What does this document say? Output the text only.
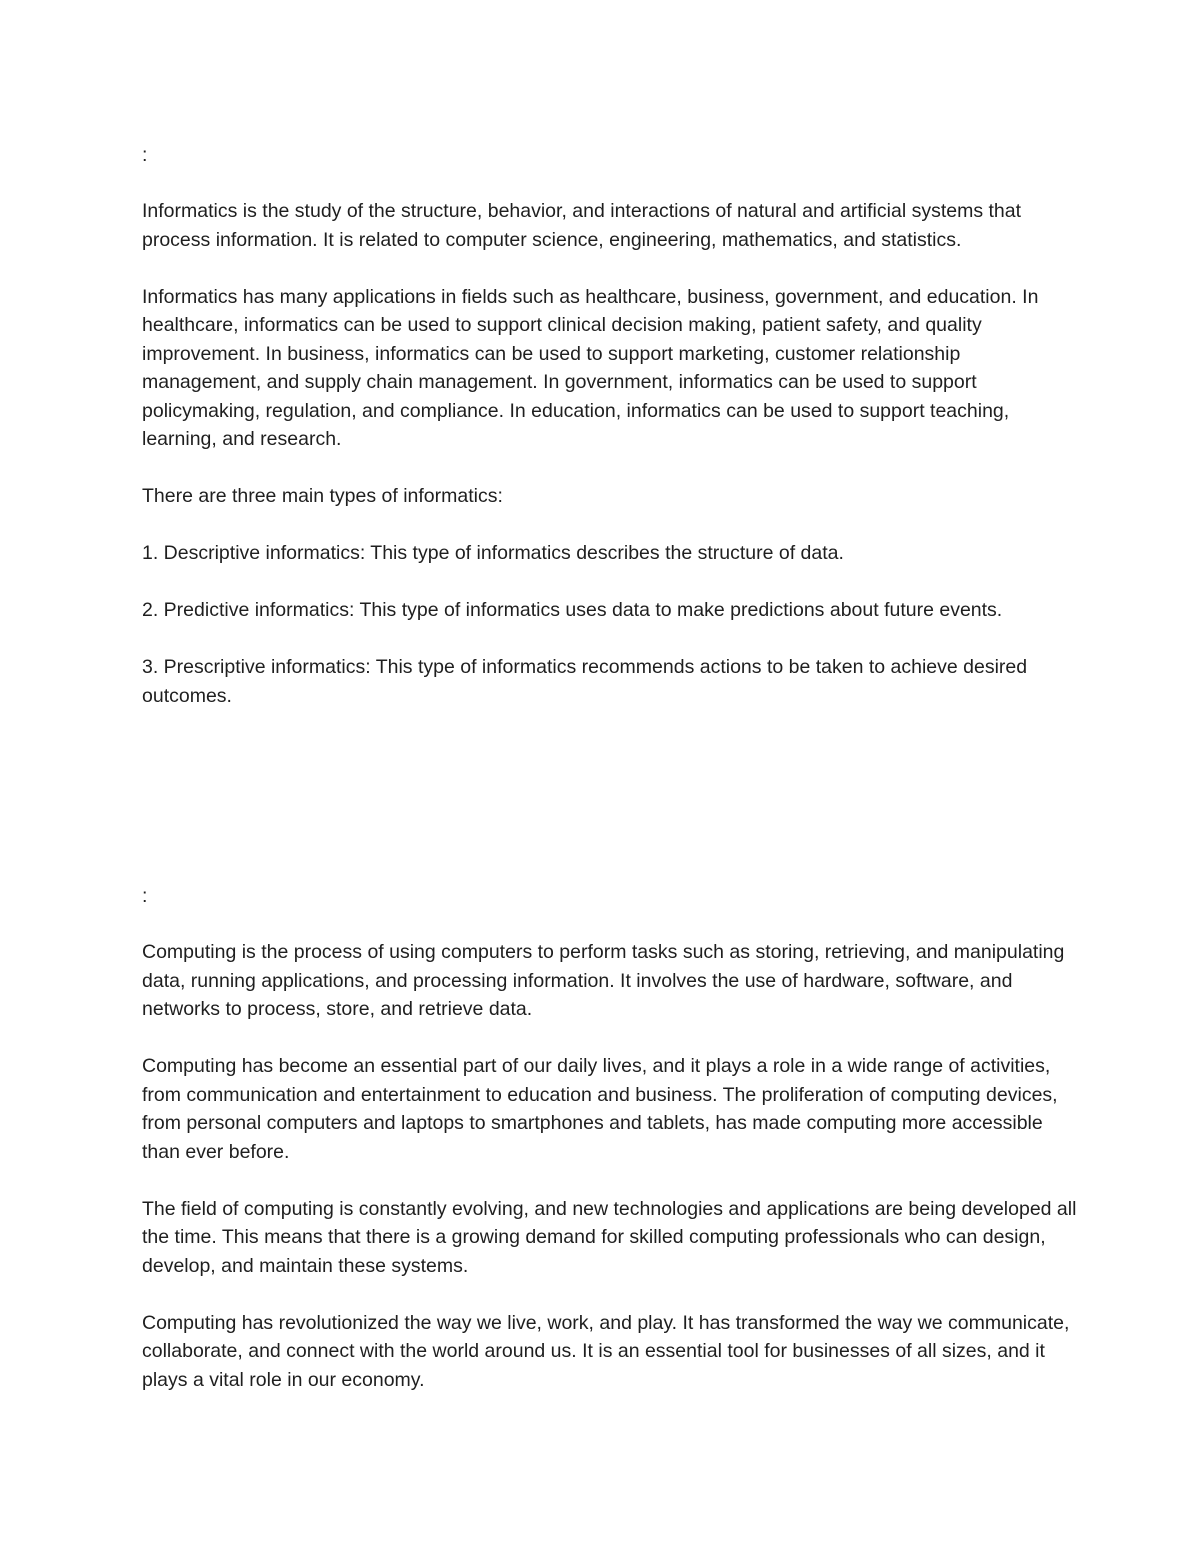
:

Informatics is the study of the structure, behavior, and interactions of natural and artificial systems that process information. It is related to computer science, engineering, mathematics, and statistics.

Informatics has many applications in fields such as healthcare, business, government, and education. In healthcare, informatics can be used to support clinical decision making, patient safety, and quality improvement. In business, informatics can be used to support marketing, customer relationship management, and supply chain management. In government, informatics can be used to support policymaking, regulation, and compliance. In education, informatics can be used to support teaching, learning, and research.

There are three main types of informatics:

1. Descriptive informatics: This type of informatics describes the structure of data.

2. Predictive informatics: This type of informatics uses data to make predictions about future events.

3. Prescriptive informatics: This type of informatics recommends actions to be taken to achieve desired outcomes.

:

Computing is the process of using computers to perform tasks such as storing, retrieving, and manipulating data, running applications, and processing information. It involves the use of hardware, software, and networks to process, store, and retrieve data.

Computing has become an essential part of our daily lives, and it plays a role in a wide range of activities, from communication and entertainment to education and business. The proliferation of computing devices, from personal computers and laptops to smartphones and tablets, has made computing more accessible than ever before.

The field of computing is constantly evolving, and new technologies and applications are being developed all the time. This means that there is a growing demand for skilled computing professionals who can design, develop, and maintain these systems.

Computing has revolutionized the way we live, work, and play. It has transformed the way we communicate, collaborate, and connect with the world around us. It is an essential tool for businesses of all sizes, and it plays a vital role in our economy.
